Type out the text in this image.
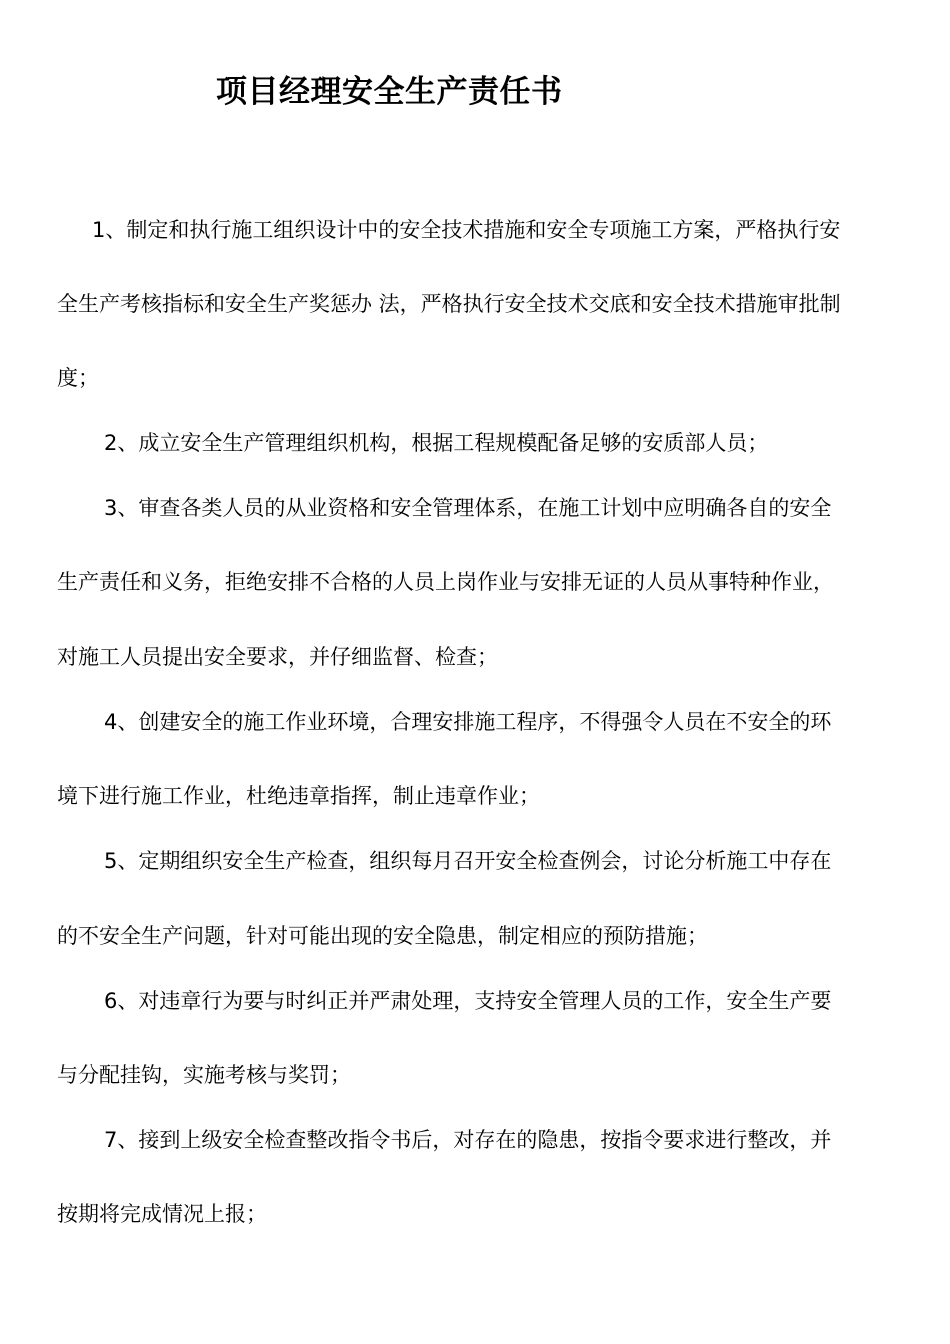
项目经理安全生产责任书
1、制定和执行施工组织设计中的安全技术措施和安全专项施工方案，严格执行安
全生产考核指标和安全生产奖惩办 法，严格执行安全技术交底和安全技术措施审批制
度；
2、成立安全生产管理组织机构，根据工程规模配备足够的安质部人员；
3、审查各类人员的从业资格和安全管理体系，在施工计划中应明确各自的安全
生产责任和义务，拒绝安排不合格的人员上岗作业与安排无证的人员从事特种作业，
对施工人员提出安全要求，并仔细监督、检查；
4、创建安全的施工作业环境，合理安排施工程序，不得强令人员在不安全的环
境下进行施工作业，杜绝违章指挥，制止违章作业；
5、定期组织安全生产检查，组织每月召开安全检查例会，讨论分析施工中存在
的不安全生产问题，针对可能出现的安全隐患，制定相应的预防措施；
6、对违章行为要与时纠正并严肃处理，支持安全管理人员的工作，安全生产要
与分配挂钩，实施考核与奖罚；
7、接到上级安全检查整改指令书后，对存在的隐患，按指令要求进行整改，并
按期将完成情况上报；
